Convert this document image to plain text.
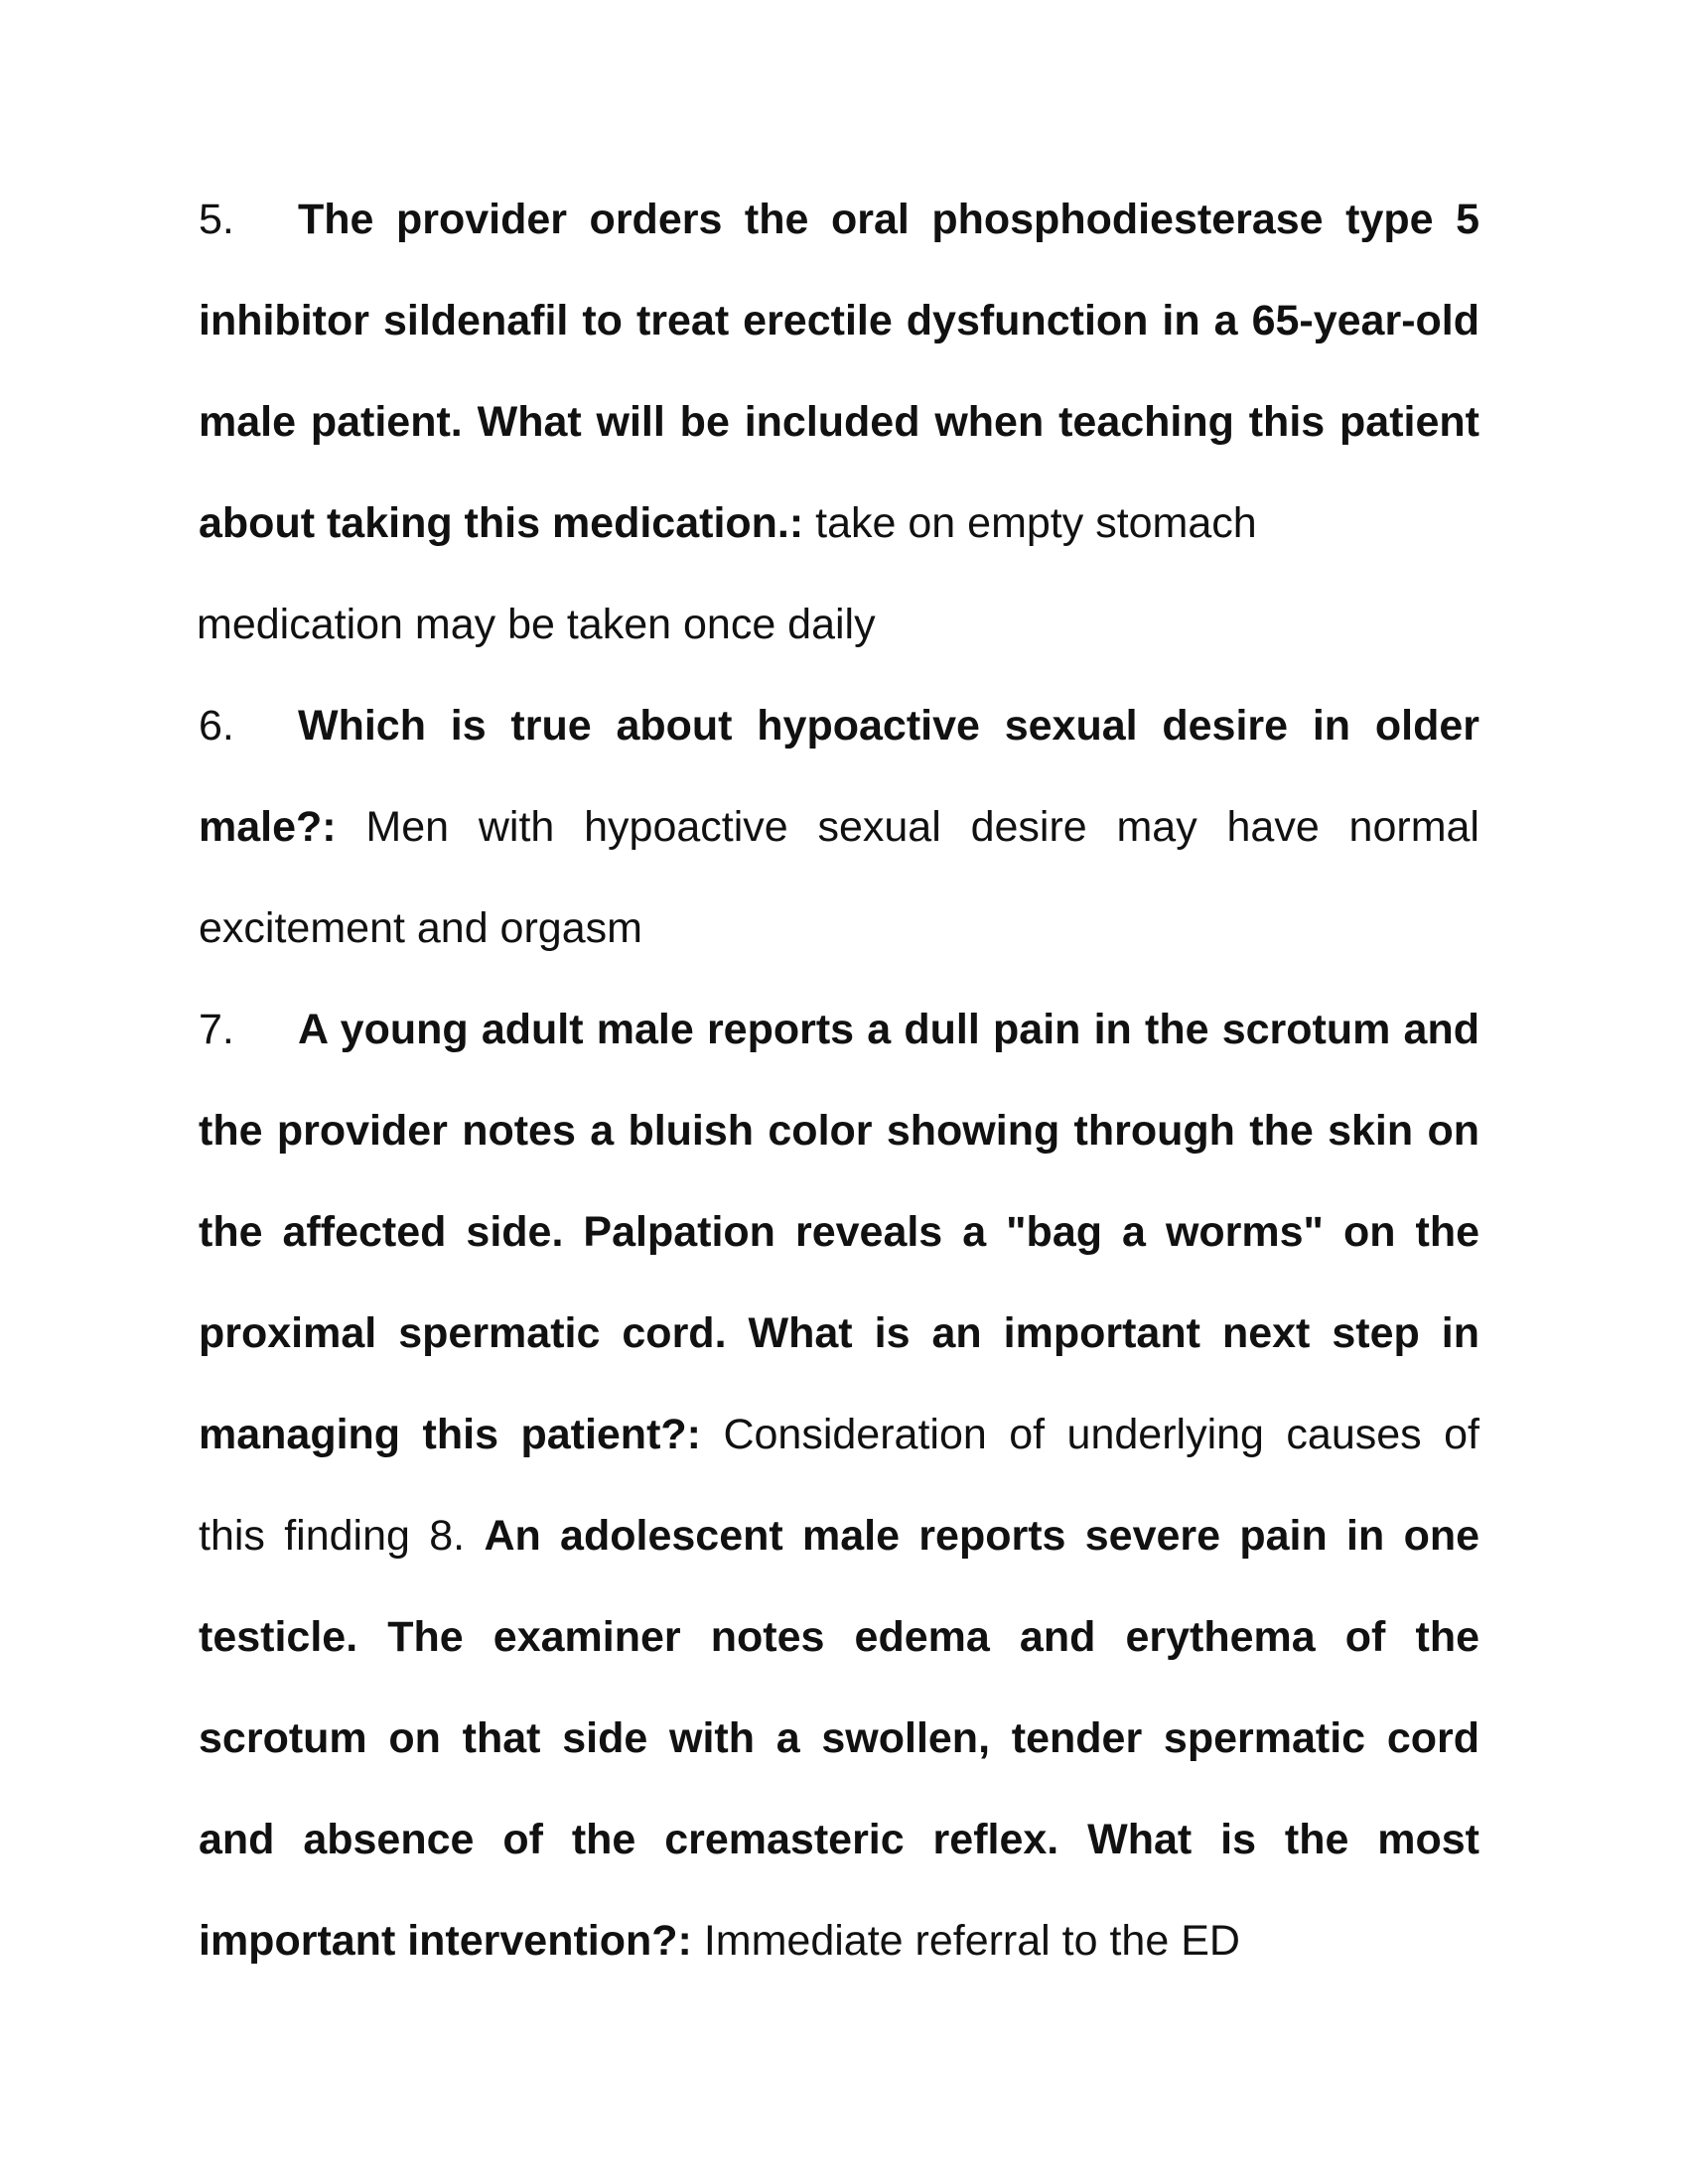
5. The provider orders the oral phosphodiesterase type 5
inhibitor sildenafil to treat erectile dysfunction in a 65-year-old
male patient. What will be included when teaching this patient
about taking this medication.: take on empty stomach
medication may be taken once daily
6. Which is true about hypoactive sexual desire in older
male?: Men with hypoactive sexual desire may have normal
excitement and orgasm
7. A young adult male reports a dull pain in the scrotum and
the provider notes a bluish color showing through the skin on
the affected side. Palpation reveals a "bag a worms" on the
proximal spermatic cord. What is an important next step in
managing this patient?: Consideration of underlying causes of
this finding 8. An adolescent male reports severe pain in one
testicle. The examiner notes edema and erythema of the
scrotum on that side with a swollen, tender spermatic cord
and absence of the cremasteric reflex. What is the most
important intervention?: Immediate referral to the ED
